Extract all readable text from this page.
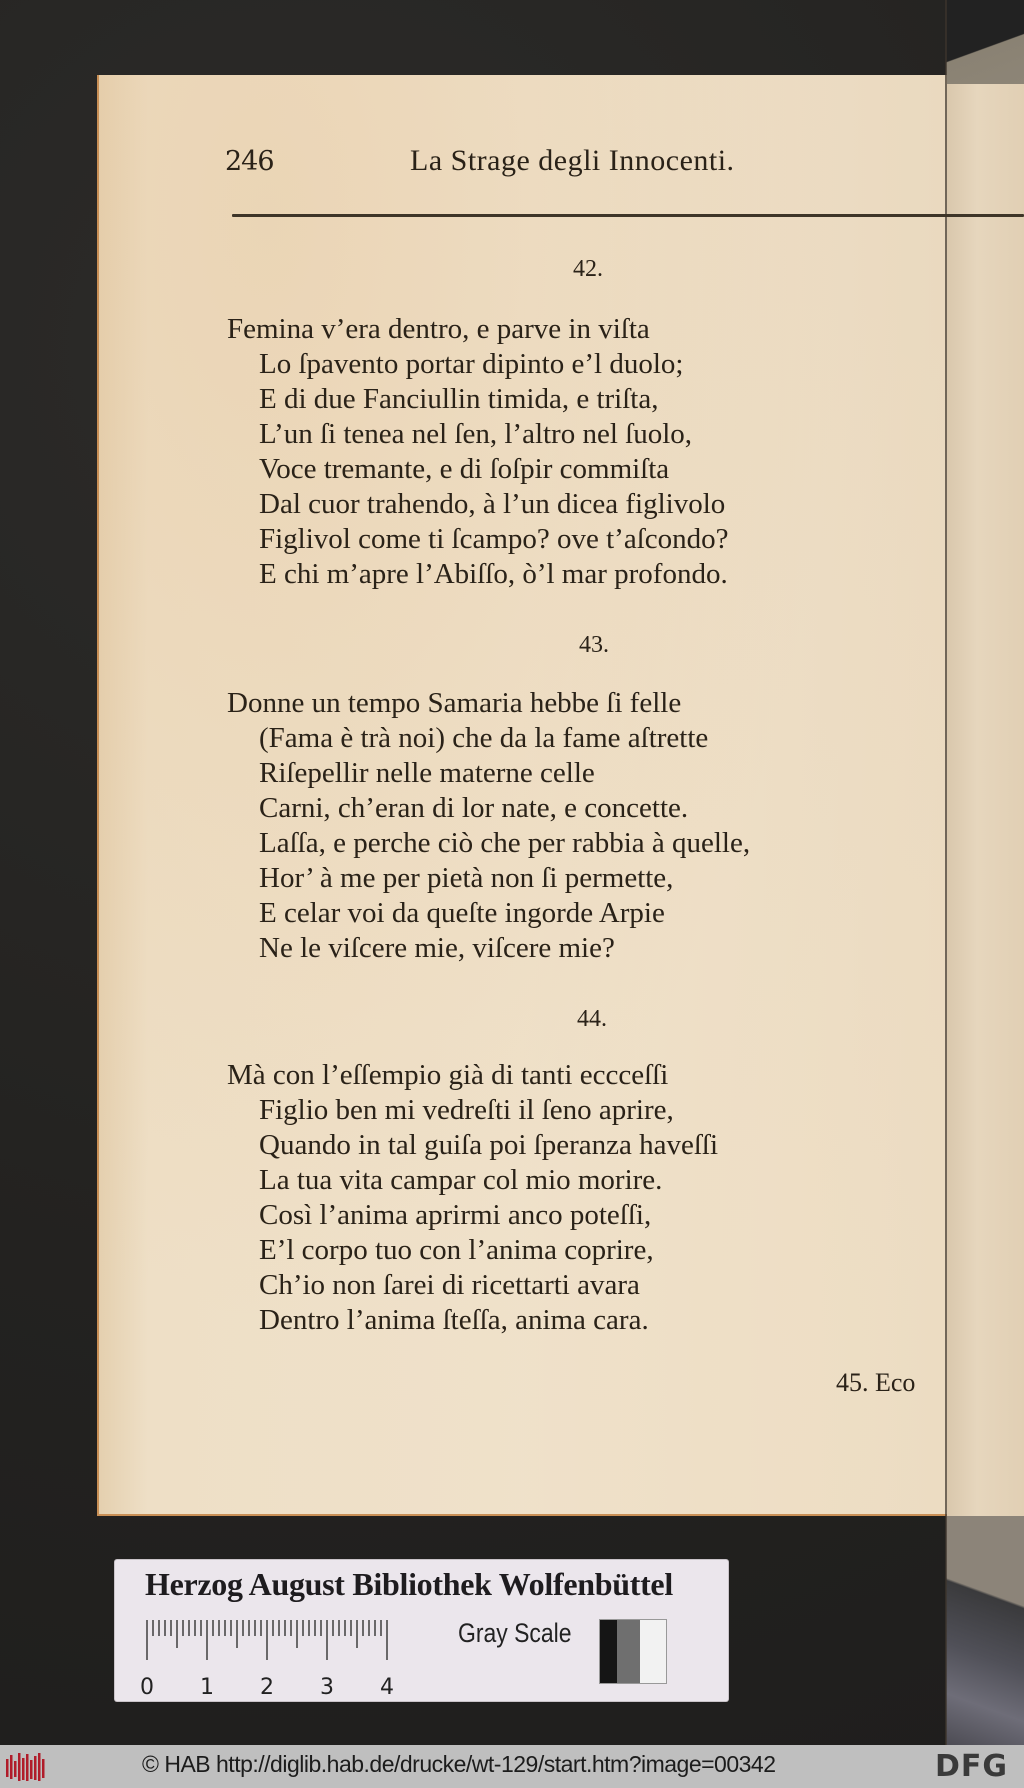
246	La Strage degli Innocenti.
42.
Femina v’era dentro, e parve in viſta
Lo ſpavento portar dipinto e’l duolo;
E di due Fanciullin timida, e triſta,
L’un ſi tenea nel ſen, l’altro nel ſuolo,
Voce tremante, e di ſoſpir commiſta
Dal cuor trahendo, à l’un dicea figlivolo
Figlivol come ti ſcampo? ove t’aſcondo?
E chi m’apre l’Abiſſo, ò’l mar profondo.
43.
Donne un tempo Samaria hebbe ſi felle
(Fama è trà noi) che da la fame aſtrette
Riſepellir nelle materne celle
Carni, ch’eran di lor nate, e concette.
Laſſa, e perche ciò che per rabbia à quelle,
Hor’ à me per pietà non ſi permette,
E celar voi da queſte ingorde Arpie
Ne le viſcere mie, viſcere mie?
44.
Mà con l’eſſempio già di tanti eccceſſi
Figlio ben mi vedreſti il ſeno aprire,
Quando in tal guiſa poi ſperanza haveſſi
La tua vita campar col mio morire.
Così l’anima aprirmi anco poteſſi,
E’l corpo tuo con l’anima coprire,
Ch’io non ſarei di ricettarti avara
Dentro l’anima ſteſſa, anima cara.
45. Eco
Herzog August Bibliothek Wolfenbüttel
0 1 2 3 4
Gray Scale
© HAB http://diglib.hab.de/drucke/wt-129/start.htm?image=00342	DFG
